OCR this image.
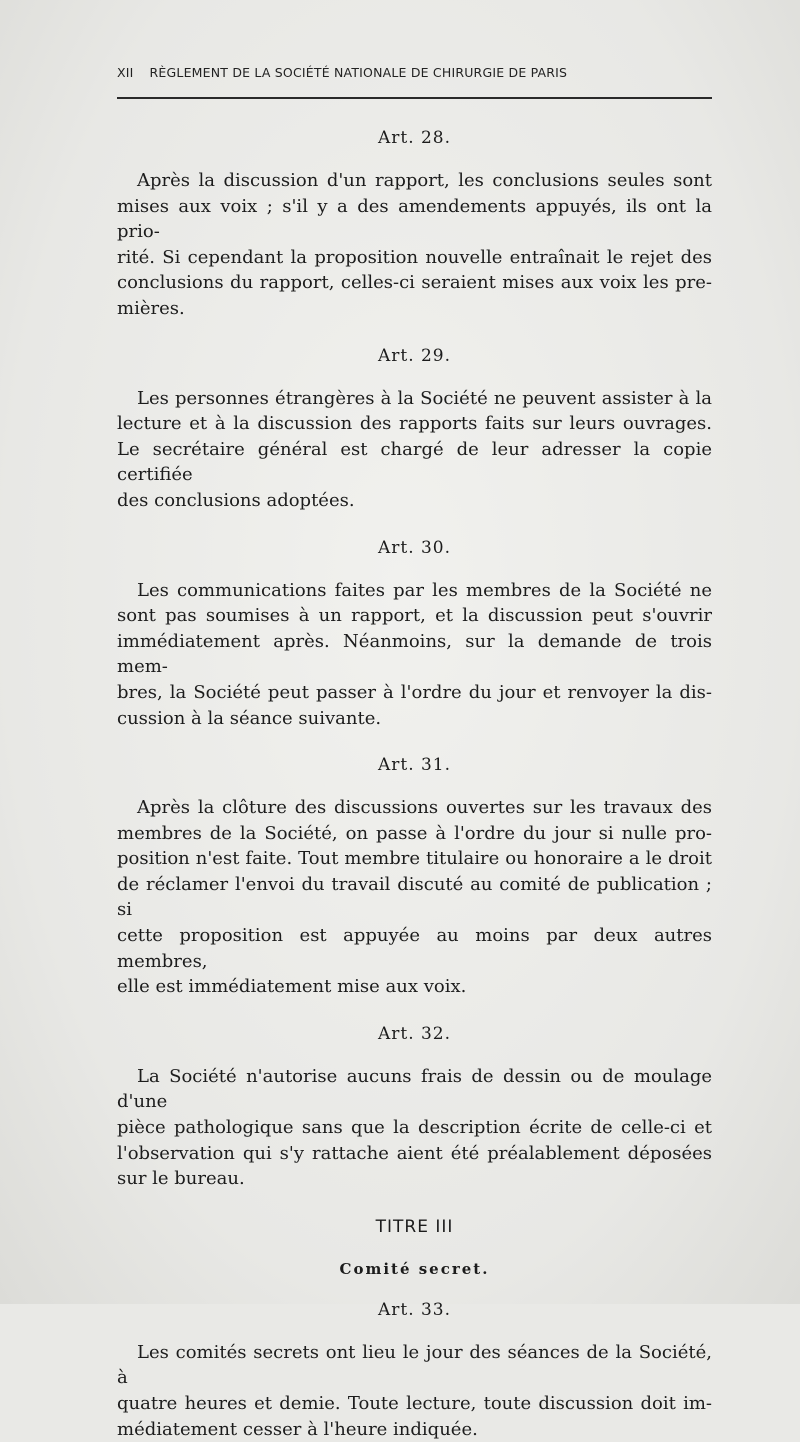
XII RÈGLEMENT DE LA SOCIÉTÉ NATIONALE DE CHIRURGIE DE PARIS
Art. 28.

Après la discussion d'un rapport, les conclusions seules sont
mises aux voix ; s'il y a des amendements appuyés, ils ont la prio-
rité. Si cependant la proposition nouvelle entraînait le rejet des
conclusions du rapport, celles-ci seraient mises aux voix les pre-
mières.

Art. 29.

Les personnes étrangères à la Société ne peuvent assister à la
lecture et à la discussion des rapports faits sur leurs ouvrages.
Le secrétaire général est chargé de leur adresser la copie certifiée
des conclusions adoptées.

Art. 30.

Les communications faites par les membres de la Société ne
sont pas soumises à un rapport, et la discussion peut s'ouvrir
immédiatement après. Néanmoins, sur la demande de trois mem-
bres, la Société peut passer à l'ordre du jour et renvoyer la dis-
cussion à la séance suivante.

Art. 31.

Après la clôture des discussions ouvertes sur les travaux des
membres de la Société, on passe à l'ordre du jour si nulle pro-
position n'est faite. Tout membre titulaire ou honoraire a le droit
de réclamer l'envoi du travail discuté au comité de publication ; si
cette proposition est appuyée au moins par deux autres membres,
elle est immédiatement mise aux voix.

Art. 32.

La Société n'autorise aucuns frais de dessin ou de moulage d'une
pièce pathologique sans que la description écrite de celle-ci et
l'observation qui s'y rattache aient été préalablement déposées
sur le bureau.

TITRE III
Comité secret.
Art. 33.

Les comités secrets ont lieu le jour des séances de la Société, à
quatre heures et demie. Toute lecture, toute discussion doit im-
médiatement cesser à l'heure indiquée.
